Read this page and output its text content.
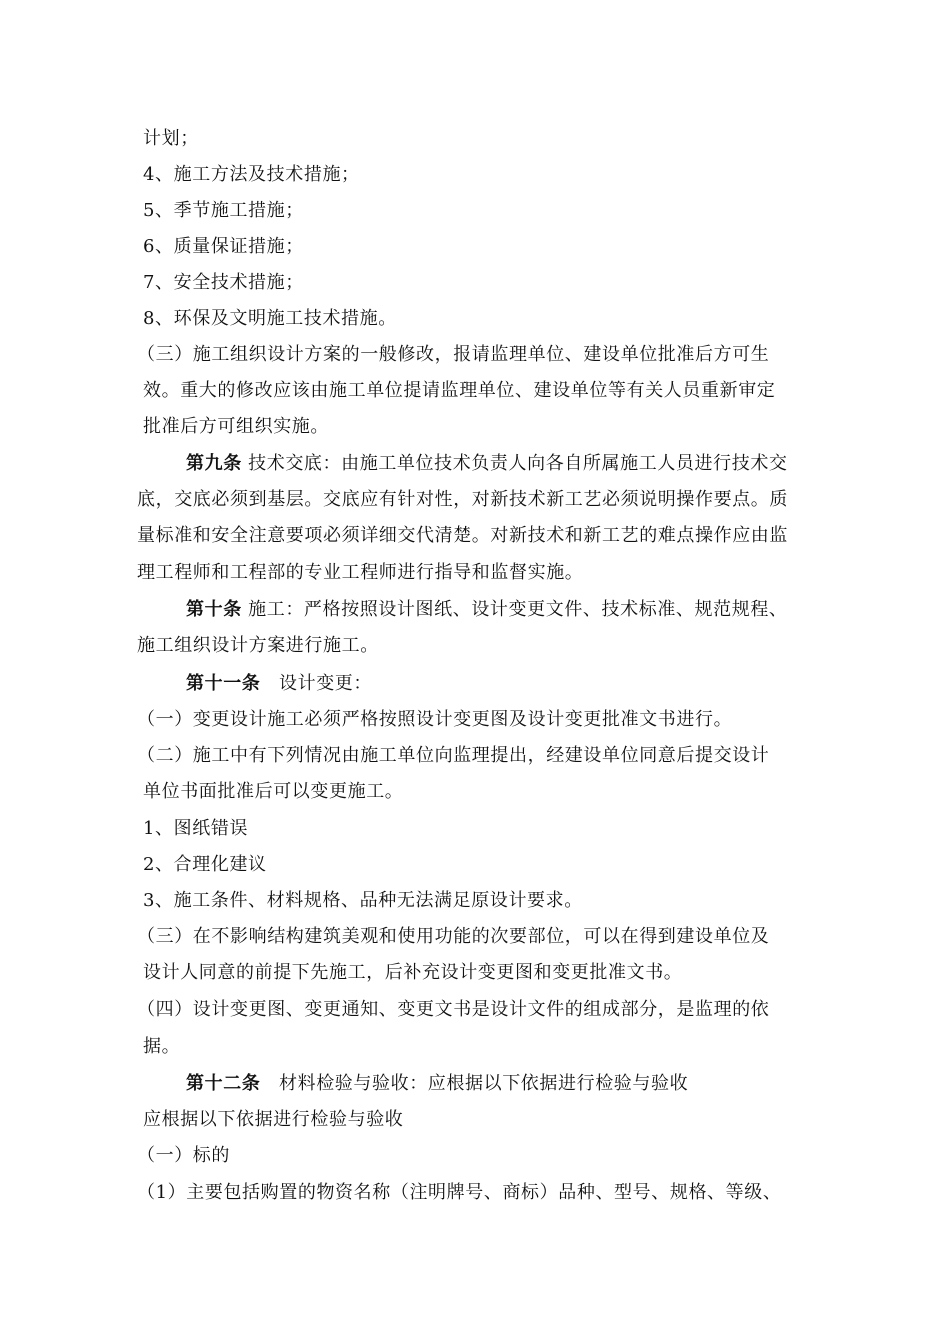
计划；
4、施工方法及技术措施；
5、季节施工措施；
6、质量保证措施；
7、安全技术措施；
8、环保及文明施工技术措施。
（三）施工组织设计方案的一般修改，报请监理单位、建设单位批准后方可生
效。重大的修改应该由施工单位提请监理单位、建设单位等有关人员重新审定
批准后方可组织实施。
第九条 技术交底：由施工单位技术负责人向各自所属施工人员进行技术交
底，交底必须到基层。交底应有针对性，对新技术新工艺必须说明操作要点。质
量标准和安全注意要项必须详细交代清楚。对新技术和新工艺的难点操作应由监
理工程师和工程部的专业工程师进行指导和监督实施。
第十条 施工：严格按照设计图纸、设计变更文件、技术标准、规范规程、
施工组织设计方案进行施工。
第十一条　设计变更：
（一）变更设计施工必须严格按照设计变更图及设计变更批准文书进行。
（二）施工中有下列情况由施工单位向监理提出，经建设单位同意后提交设计
单位书面批准后可以变更施工。
1、图纸错误
2、合理化建议
3、施工条件、材料规格、品种无法满足原设计要求。
（三）在不影响结构建筑美观和使用功能的次要部位，可以在得到建设单位及
设计人同意的前提下先施工，后补充设计变更图和变更批准文书。
（四）设计变更图、变更通知、变更文书是设计文件的组成部分，是监理的依
据。
第十二条　材料检验与验收：应根据以下依据进行检验与验收
应根据以下依据进行检验与验收
（一）标的
（1）主要包括购置的物资名称（注明牌号、商标）品种、型号、规格、等级、
